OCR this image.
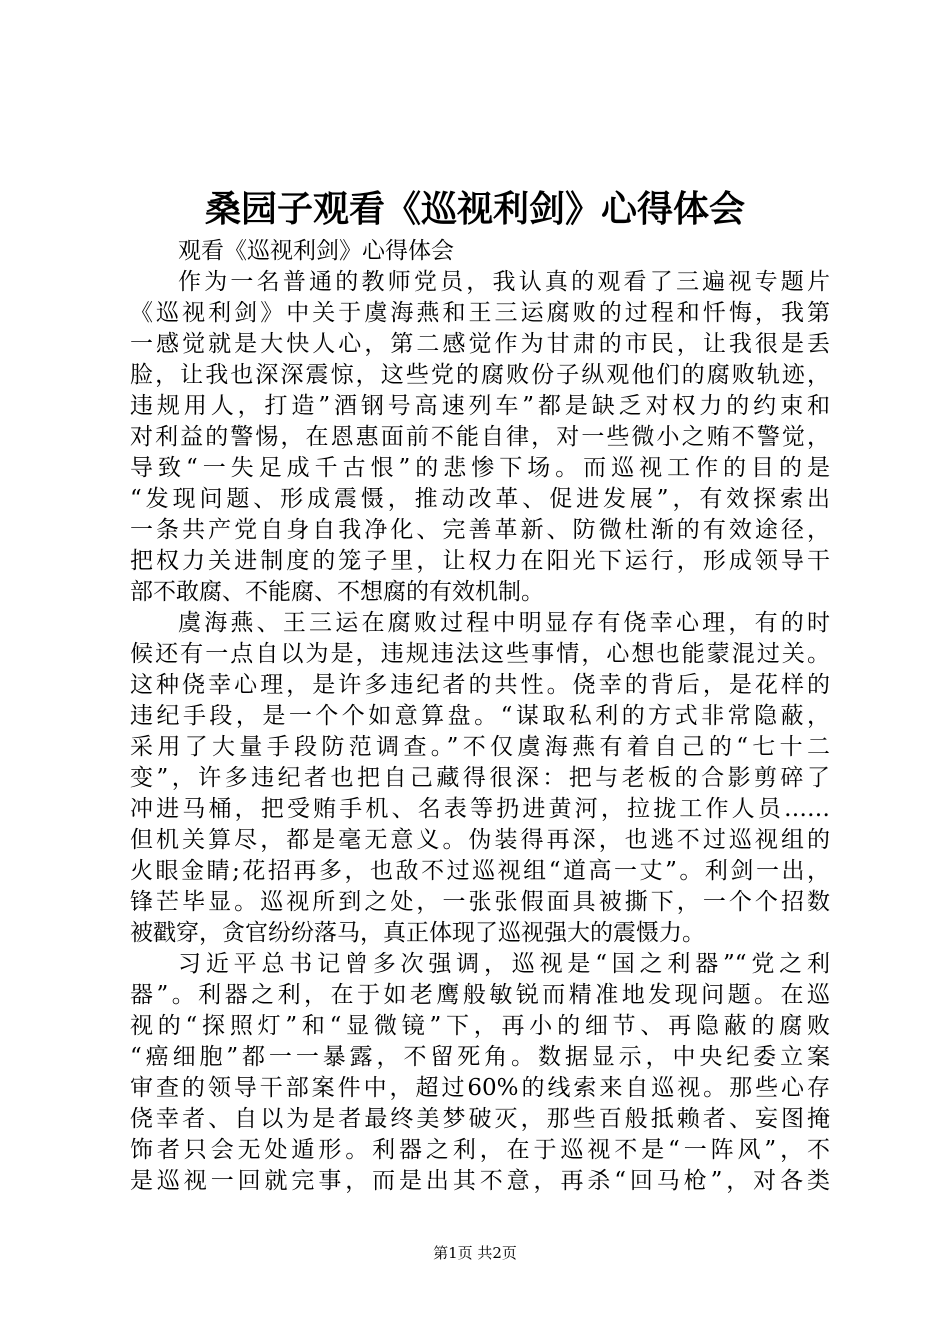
桑园子观看《巡视利剑》心得体会
观看《巡视利剑》心得体会
作为一名普通的教师党员，我认真的观看了三遍视专题片
《巡视利剑》中关于虞海燕和王三运腐败的过程和忏悔，我第
一感觉就是大快人心，第二感觉作为甘肃的市民，让我很是丢
脸，让我也深深震惊，这些党的腐败份子纵观他们的腐败轨迹，
违规用人，打造”酒钢号高速列车”都是缺乏对权力的约束和
对利益的警惕，在恩惠面前不能自律，对一些微小之贿不警觉，
导致“一失足成千古恨”的悲惨下场。而巡视工作的目的是
“发现问题、形成震慑，推动改革、促进发展”，有效探索出
一条共产党自身自我净化、完善革新、防微杜渐的有效途径，
把权力关进制度的笼子里，让权力在阳光下运行，形成领导干
部不敢腐、不能腐、不想腐的有效机制。
虞海燕、王三运在腐败过程中明显存有侥幸心理，有的时
候还有一点自以为是，违规违法这些事情，心想也能蒙混过关。
这种侥幸心理，是许多违纪者的共性。侥幸的背后，是花样的
违纪手段，是一个个如意算盘。“谋取私利的方式非常隐蔽，
采用了大量手段防范调查。”不仅虞海燕有着自己的“七十二
变”，许多违纪者也把自己藏得很深：把与老板的合影剪碎了
冲进马桶，把受贿手机、名表等扔进黄河，拉拢工作人员……
但机关算尽，都是毫无意义。伪装得再深，也逃不过巡视组的
火眼金睛;花招再多，也敌不过巡视组“道高一丈”。利剑一出，
锋芒毕显。巡视所到之处，一张张假面具被撕下，一个个招数
被戳穿，贪官纷纷落马，真正体现了巡视强大的震慑力。
习近平总书记曾多次强调，巡视是“国之利器”“党之利
器”。利器之利，在于如老鹰般敏锐而精准地发现问题。在巡
视的“探照灯”和“显微镜”下，再小的细节、再隐蔽的腐败
“癌细胞”都一一暴露，不留死角。数据显示，中央纪委立案
审查的领导干部案件中，超过60%的线索来自巡视。那些心存
侥幸者、自以为是者最终美梦破灭，那些百般抵赖者、妄图掩
饰者只会无处遁形。利器之利，在于巡视不是“一阵风”，不
是巡视一回就完事，而是出其不意，再杀“回马枪”，对各类
第1页 共2页
